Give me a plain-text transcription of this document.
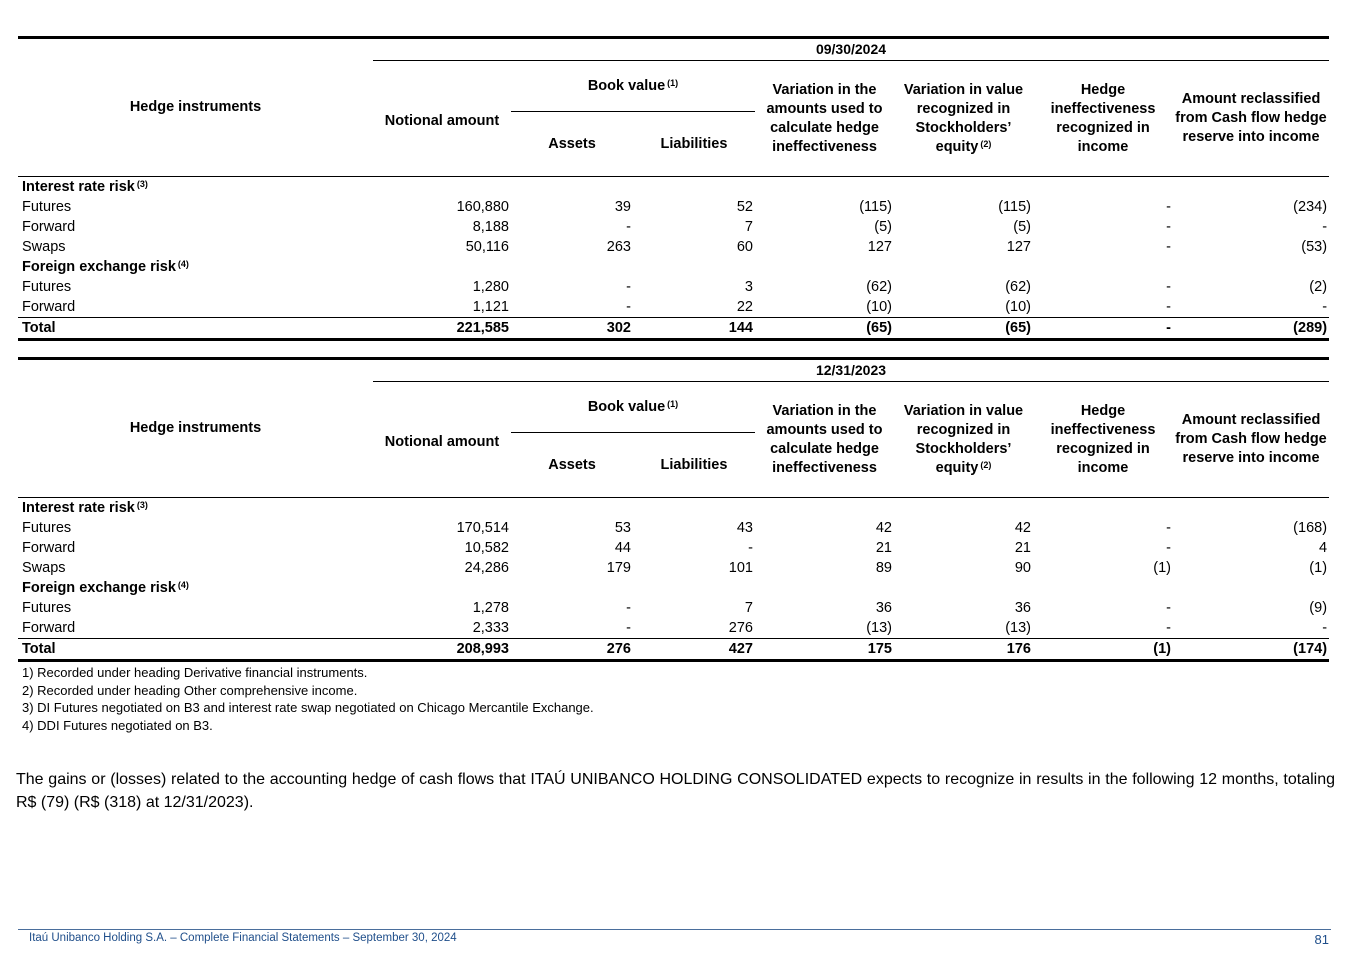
Hedge instruments	09/30/2024						
	Notional amount	Book value $^{(1)}$		Variation in the amounts used to calculate hedge ineffectiveness	Variation in value recognized in Stockholders’ equity $^{(2)}$	Hedge ineffectiveness recognized in income	Amount reclassified from Cash flow hedge reserve into income
		Assets	Liabilities				

Interest rate risk $^{(3)}$
Futures	160,880	39	52	(115)	(115)	-	(234)
Forward	8,188	-	7	(5)	(5)	-	-
Swaps	50,116	263	60	127	127	-	(53)
Foreign exchange risk $^{(4)}$
Futures	1,280	-	3	(62)	(62)	-	(2)
Forward	1,121	-	22	(10)	(10)	-	-
Total	221,585	302	144	(65)	(65)	-	(289)
Hedge instruments	12/31/2023						
	Notional amount	Book value $^{(1)}$		Variation in the amounts used to calculate hedge ineffectiveness	Variation in value recognized in Stockholders’ equity $^{(2)}$	Hedge ineffectiveness recognized in income	Amount reclassified from Cash flow hedge reserve into income
		Assets	Liabilities				

Interest rate risk $^{(3)}$
Futures	170,514	53	43	42	42	-	(168)
Forward	10,582	44	-	21	21	-	4
Swaps	24,286	179	101	89	90	(1)	(1)
Foreign exchange risk $^{(4)}$
Futures	1,278	-	7	36	36	-	(9)
Forward	2,333	-	276	(13)	(13)	-	-
Total	208,993	276	427	175	176	(1)	(174)
1) Recorded under heading Derivative financial instruments.
2) Recorded under heading Other comprehensive income.
3) DI Futures negotiated on B3 and interest rate swap negotiated on Chicago Mercantile Exchange.
4) DDI Futures negotiated on B3.
The gains or (losses) related to the accounting hedge of cash flows that ITAÚ UNIBANCO HOLDING CONSOLIDATED expects to recognize in results in the following 12 months, totaling R$ (79) (R$ (318) at 12/31/2023).
Itaú Unibanco Holding S.A. – Complete Financial Statements – September 30, 2024	81
